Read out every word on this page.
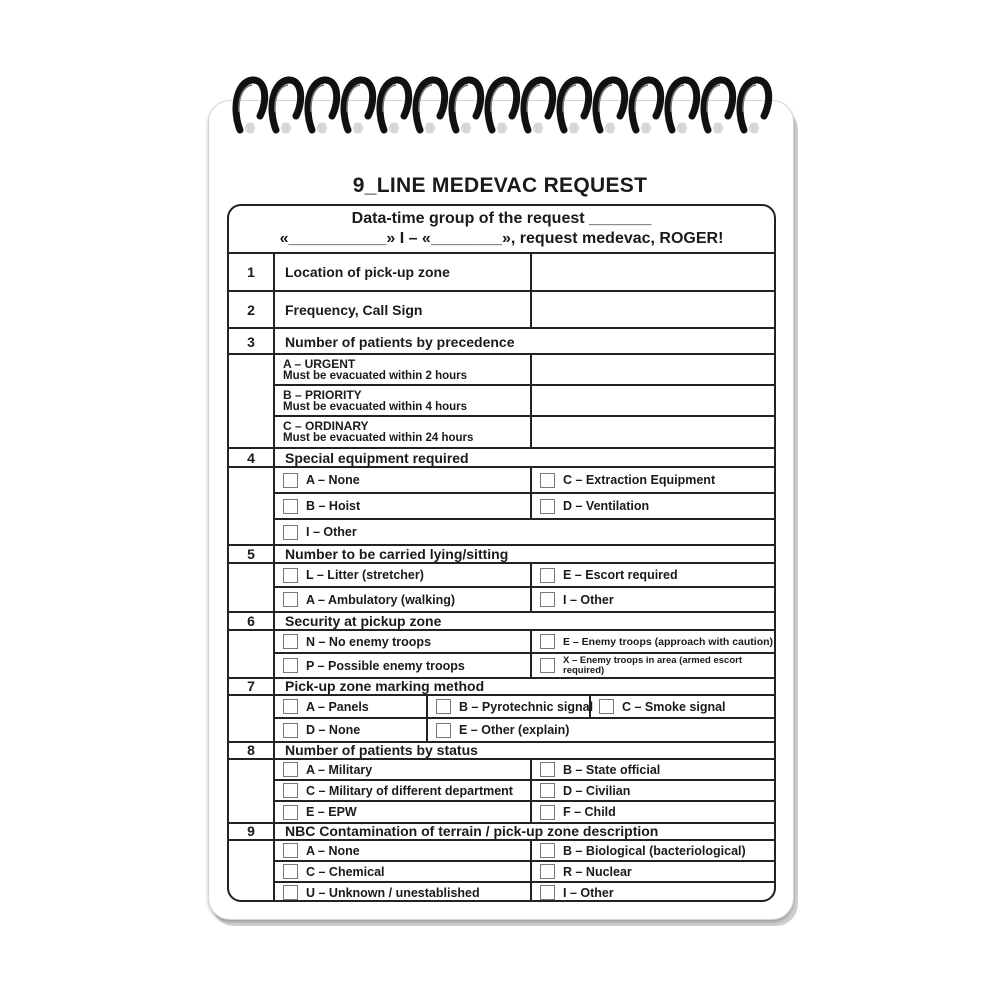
9_LINE MEDEVAC REQUEST
Data-time group of the request _______
«___________» I – «________», request medevac, ROGER!
1	Location of pick-up zone
2	Frequency, Call Sign
3	Number of patients by precedence
A – URGENT
Must be evacuated within 2 hours
B – PRIORITY
Must be evacuated within 4 hours
C – ORDINARY
Must be evacuated within 24 hours
4	Special equipment required
A – None	C – Extraction Equipment
B – Hoist	D – Ventilation
I – Other
5	Number to be carried lying/sitting
L – Litter (stretcher)	E – Escort required
A – Ambulatory (walking)	I – Other
6	Security at pickup zone
N – No enemy troops	E – Enemy troops (approach with caution)
P – Possible enemy troops	X – Enemy troops in area (armed escort required)
7	Pick-up zone marking method
A – Panels	B – Pyrotechnic signal C – Smoke signal
D – None	E – Other (explain)
8	Number of patients by status
A – Military	B – State official
C – Military of different department	D – Civilian
E – EPW	F – Child
9	NBC Contamination of terrain / pick-up zone description
A – None	B – Biological (bacteriological)
C – Chemical	R – Nuclear
U – Unknown / unestablished	I – Other
